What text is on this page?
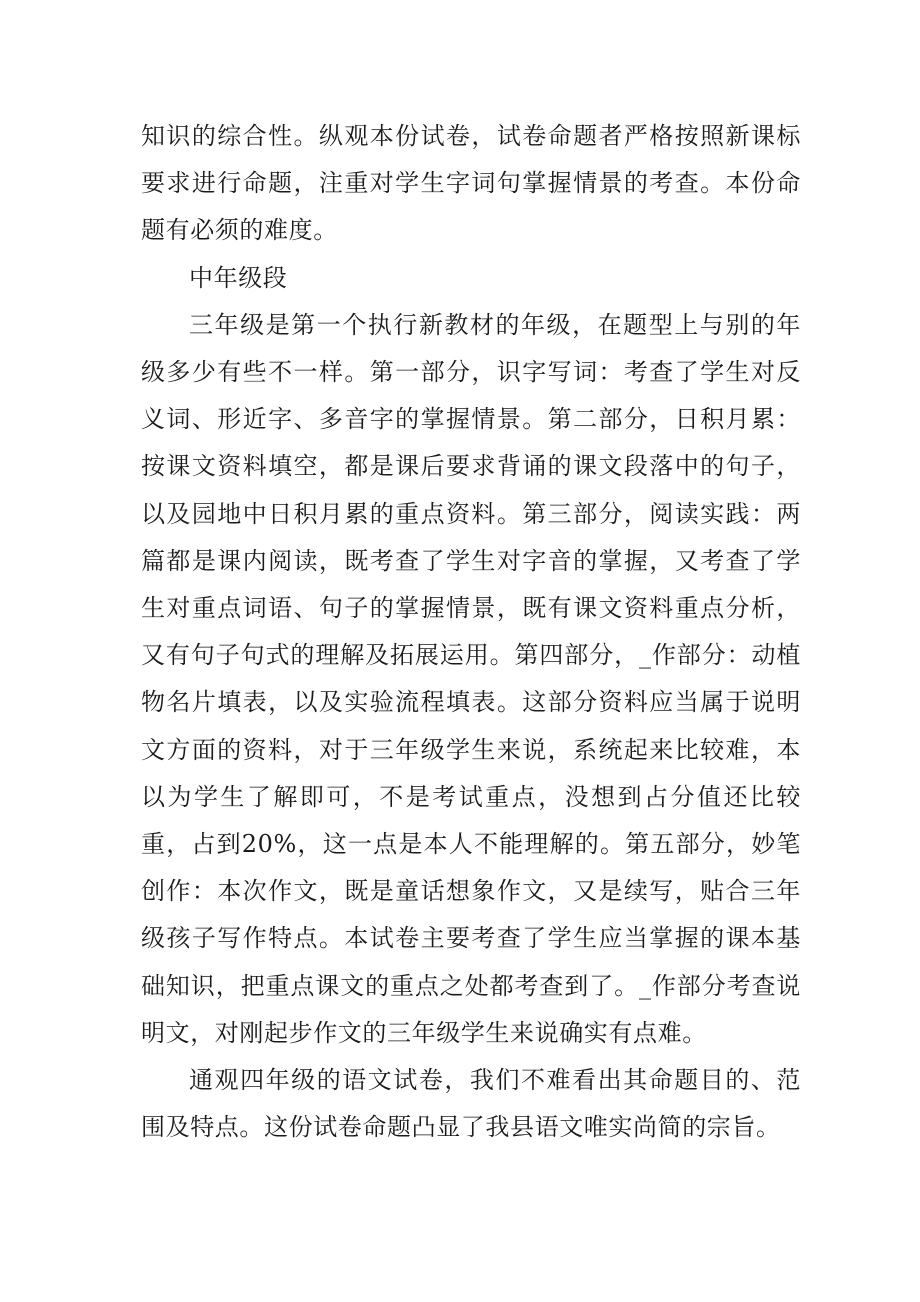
知识的综合性。纵观本份试卷，试卷命题者严格按照新课标要求进行命题，注重对学生字词句掌握情景的考查。本份命题有必须的难度。

中年级段

三年级是第一个执行新教材的年级，在题型上与别的年级多少有些不一样。第一部分，识字写词：考查了学生对反义词、形近字、多音字的掌握情景。第二部分，日积月累：按课文资料填空，都是课后要求背诵的课文段落中的句子，以及园地中日积月累的重点资料。第三部分，阅读实践：两篇都是课内阅读，既考查了学生对字音的掌握，又考查了学生对重点词语、句子的掌握情景，既有课文资料重点分析，又有句子句式的理解及拓展运用。第四部分，_作部分：动植物名片填表，以及实验流程填表。这部分资料应当属于说明文方面的资料，对于三年级学生来说，系统起来比较难，本以为学生了解即可，不是考试重点，没想到占分值还比较重，占到20%，这一点是本人不能理解的。第五部分，妙笔创作：本次作文，既是童话想象作文，又是续写，贴合三年级孩子写作特点。本试卷主要考查了学生应当掌握的课本基础知识，把重点课文的重点之处都考查到了。_作部分考查说明文，对刚起步作文的三年级学生来说确实有点难。

通观四年级的语文试卷，我们不难看出其命题目的、范围及特点。这份试卷命题凸显了我县语文唯实尚简的宗旨。
